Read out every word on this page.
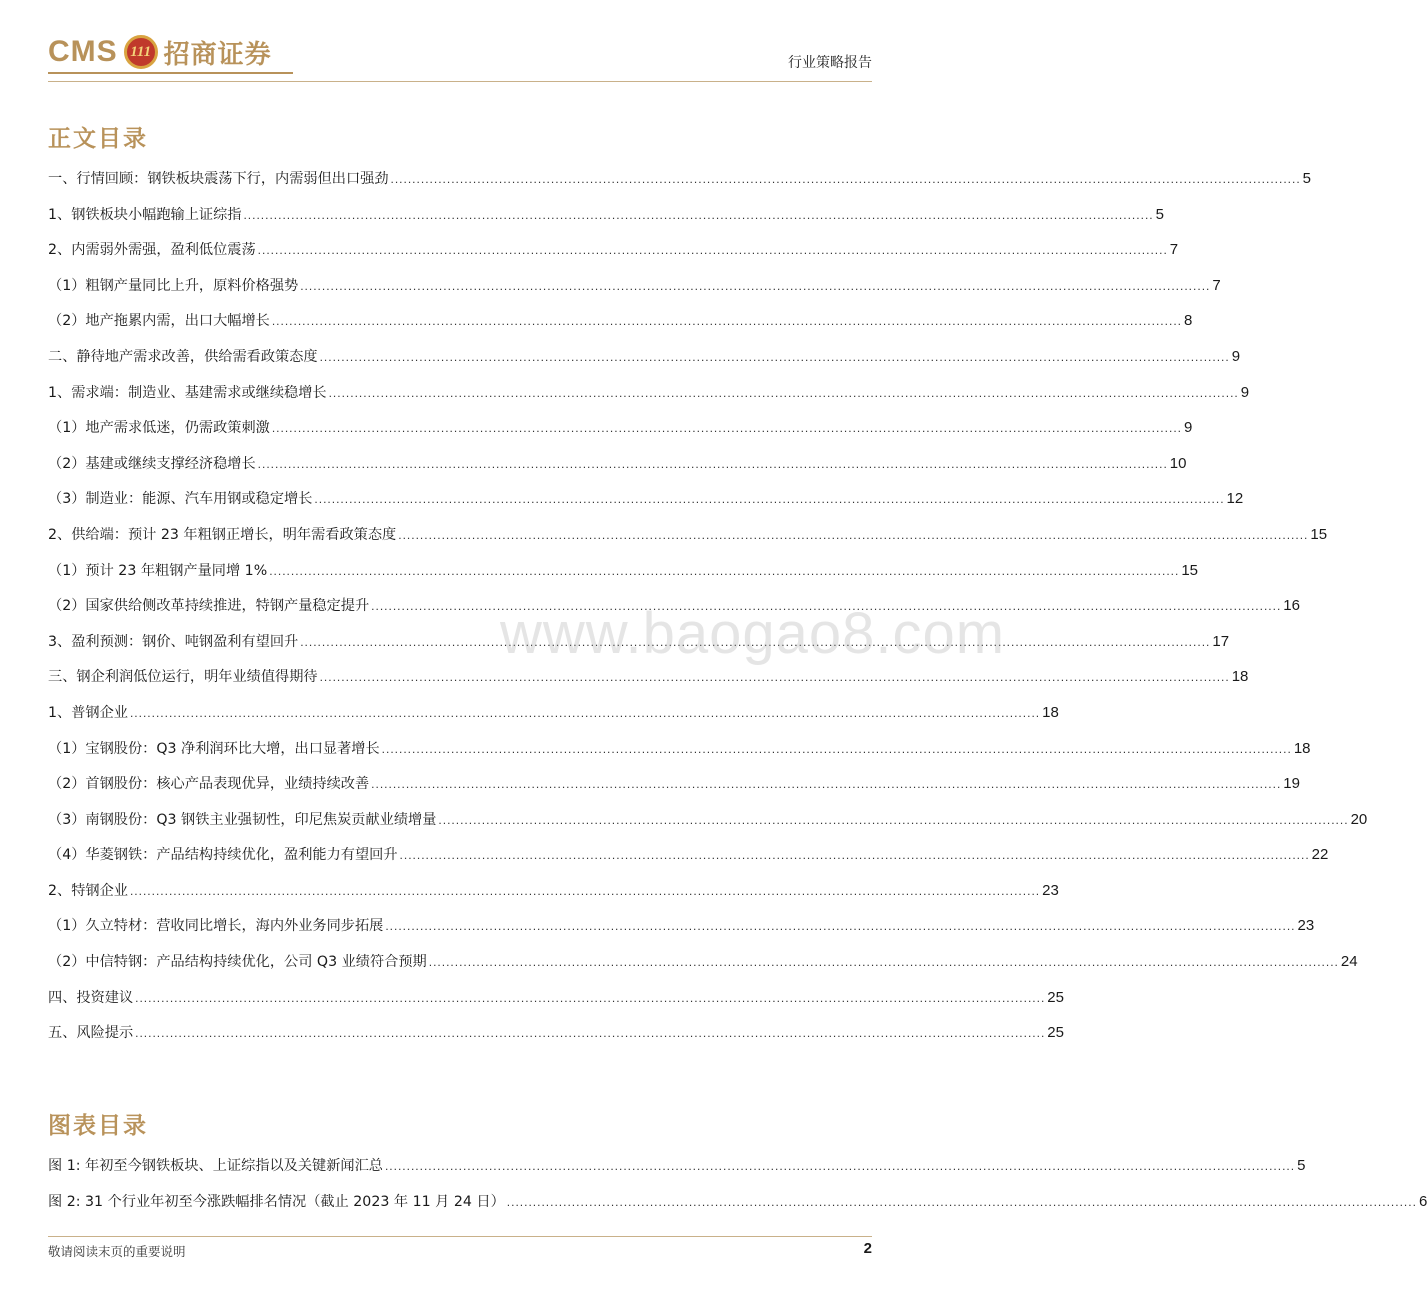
CMS 111 招商证券	行业策略报告
正文目录
一、行情回顾：钢铁板块震荡下行，内需弱但出口强劲 .....	5
1、钢铁板块小幅跑输上证综指 .....	5
2、内需弱外需强，盈利低位震荡 .....	7
（1）粗钢产量同比上升，原料价格强势 .....	7
（2）地产拖累内需，出口大幅增长 .....	8
二、静待地产需求改善，供给需看政策态度 .....	9
1、需求端：制造业、基建需求或继续稳增长 .....	9
（1）地产需求低迷，仍需政策刺激 .....	9
（2）基建或继续支撑经济稳增长 .....	10
（3）制造业：能源、汽车用钢或稳定增长 .....	12
2、供给端：预计 23 年粗钢正增长，明年需看政策态度 .....	15
（1）预计 23 年粗钢产量同增 1% .....	15
（2）国家供给侧改革持续推进，特钢产量稳定提升 .....	16
3、盈利预测：钢价、吨钢盈利有望回升 .....	17
三、钢企利润低位运行，明年业绩值得期待 .....	18
1、普钢企业 .....	18
（1）宝钢股份：Q3 净利润环比大增，出口显著增长 .....	18
（2）首钢股份：核心产品表现优异，业绩持续改善 .....	19
（3）南钢股份：Q3 钢铁主业强韧性，印尼焦炭贡献业绩增量 .....	20
（4）华菱钢铁：产品结构持续优化，盈利能力有望回升 .....	22
2、特钢企业 .....	23
（1）久立特材：营收同比增长，海内外业务同步拓展 .....	23
（2）中信特钢：产品结构持续优化，公司 Q3 业绩符合预期 .....	24
四、投资建议 .....	25
五、风险提示 .....	25
www.baogao8.com
图表目录
图 1: 年初至今钢铁板块、上证综指以及关键新闻汇总 .....	5
图 2: 31 个行业年初至今涨跌幅排名情况（截止 2023 年 11 月 24 日） .....	6
敬请阅读末页的重要说明	2
